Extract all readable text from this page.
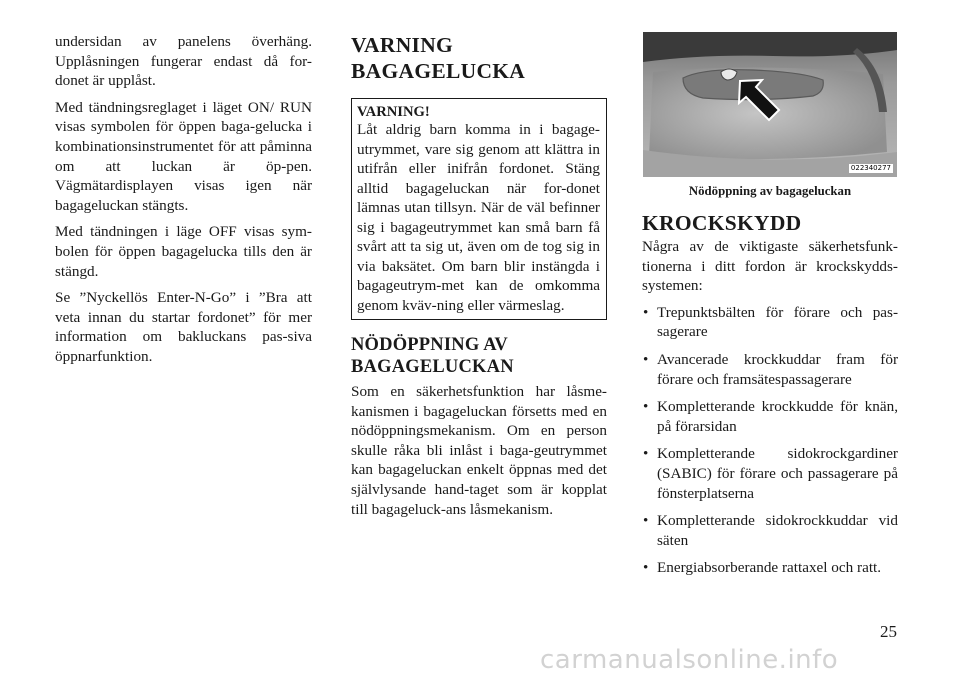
undersidan av panelens överhäng. Upplåsningen fungerar endast då for-donet är upplåst.

Med tändningsreglaget i läget ON/ RUN visas symbolen för öppen baga-gelucka i kombinationsinstrumentet för att påminna om att luckan är öp-pen. Vägmätardisplayen visas igen när bagageluckan stängts.

Med tändningen i läge OFF visas sym-bolen för öppen bagagelucka tills den är stängd.

Se ”Nyckellös Enter-N-Go” i ”Bra att veta innan du startar fordonet” för mer information om bakluckans pas-siva öppnarfunktion.

VARNING
BAGAGELUCKA
VARNING!

Låt aldrig barn komma in i bagage-utrymmet, vare sig genom att klättra in utifrån eller inifrån fordonet. Stäng alltid bagageluckan när for-donet lämnas utan tillsyn. När de väl befinner sig i bagageutrymmet kan små barn få svårt att ta sig ut, även om de tog sig in via baksätet. Om barn blir instängda i bagageutrym-met kan de omkomma genom kväv-ning eller värmeslag.

NÖDÖPPNING AV
BAGAGELUCKAN

Som en säkerhetsfunktion har låsme-kanismen i bagageluckan försetts med en nödöppningsmekanism. Om en person skulle råka bli inlåst i baga-geutrymmet kan bagageluckan enkelt öppnas med det självlysande hand-taget som är kopplat till bagageluck-ans låsmekanism.

022340277
Nödöppning av bagageluckan
KROCKSKYDD

Några av de viktigaste säkerhetsfunk-tionerna i ditt fordon är krockskydds-systemen:

• Trepunktsbälten för förare och pas-sagerare
• Avancerade krockkuddar fram för förare och framsätespassagerare
• Kompletterande krockkudde för knän, på förarsidan
• Kompletterande sidokrockgardiner (SABIC) för förare och passagerare på fönsterplatserna
• Kompletterande sidokrockkuddar vid säten
• Energiabsorberande rattaxel och ratt.
25
carmanualsonline.info
